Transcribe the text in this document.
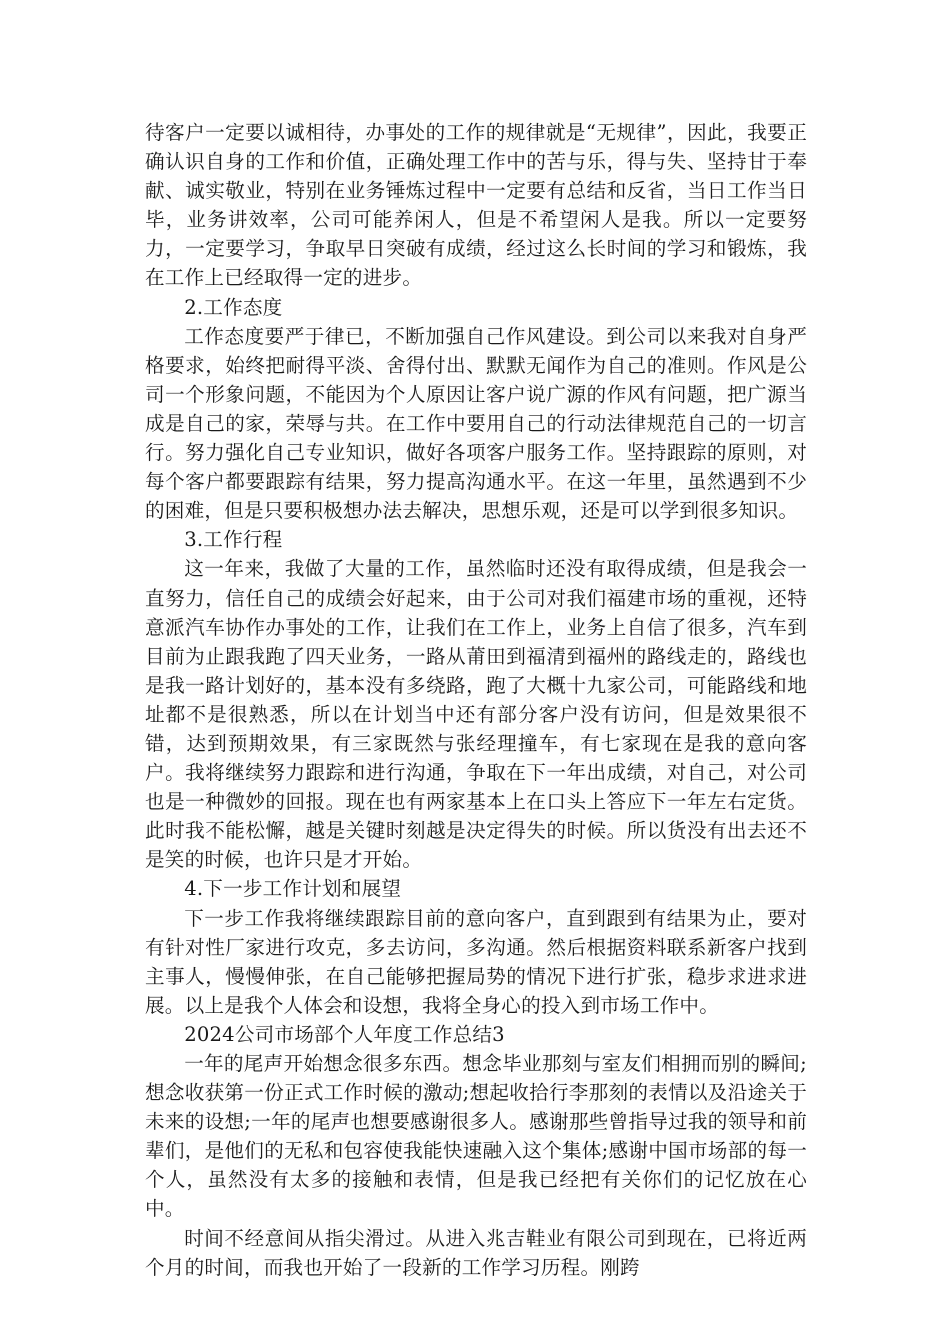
待客户一定要以诚相待，办事处的工作的规律就是“无规律”，因此，我要正确认识自身的工作和价值，正确处理工作中的苦与乐，得与失、坚持甘于奉献、诚实敬业，特别在业务锤炼过程中一定要有总结和反省，当日工作当日毕，业务讲效率，公司可能养闲人，但是不希望闲人是我。所以一定要努力，一定要学习，争取早日突破有成绩，经过这么长时间的学习和锻炼，我在工作上已经取得一定的进步。

2.工作态度

工作态度要严于律已，不断加强自己作风建设。到公司以来我对自身严格要求，始终把耐得平淡、舍得付出、默默无闻作为自己的准则。作风是公司一个形象问题，不能因为个人原因让客户说广源的作风有问题，把广源当成是自己的家，荣辱与共。在工作中要用自己的行动法律规范自己的一切言行。努力强化自己专业知识，做好各项客户服务工作。坚持跟踪的原则，对每个客户都要跟踪有结果，努力提高沟通水平。在这一年里，虽然遇到不少的困难，但是只要积极想办法去解决，思想乐观，还是可以学到很多知识。

3.工作行程

这一年来，我做了大量的工作，虽然临时还没有取得成绩，但是我会一直努力，信任自己的成绩会好起来，由于公司对我们福建市场的重视，还特意派汽车协作办事处的工作，让我们在工作上，业务上自信了很多，汽车到目前为止跟我跑了四天业务，一路从莆田到福清到福州的路线走的，路线也是我一路计划好的，基本没有多绕路，跑了大概十九家公司，可能路线和地址都不是很熟悉，所以在计划当中还有部分客户没有访问，但是效果很不错，达到预期效果，有三家既然与张经理撞车，有七家现在是我的意向客户。我将继续努力跟踪和进行沟通，争取在下一年出成绩，对自己，对公司也是一种微妙的回报。现在也有两家基本上在口头上答应下一年左右定货。此时我不能松懈，越是关键时刻越是决定得失的时候。所以货没有出去还不是笑的时候，也许只是才开始。

4.下一步工作计划和展望

下一步工作我将继续跟踪目前的意向客户，直到跟到有结果为止，要对有针对性厂家进行攻克，多去访问，多沟通。然后根据资料联系新客户找到主事人，慢慢伸张，在自己能够把握局势的情况下进行扩张，稳步求进求进展。以上是我个人体会和设想，我将全身心的投入到市场工作中。

2024公司市场部个人年度工作总结3

一年的尾声开始想念很多东西。想念毕业那刻与室友们相拥而别的瞬间;想念收获第一份正式工作时候的激动;想起收拾行李那刻的表情以及沿途关于未来的设想;一年的尾声也想要感谢很多人。感谢那些曾指导过我的领导和前辈们，是他们的无私和包容使我能快速融入这个集体;感谢中国市场部的每一个人，虽然没有太多的接触和表情，但是我已经把有关你们的记忆放在心中。

时间不经意间从指尖滑过。从进入兆吉鞋业有限公司到现在，已将近两个月的时间，而我也开始了一段新的工作学习历程。刚跨
